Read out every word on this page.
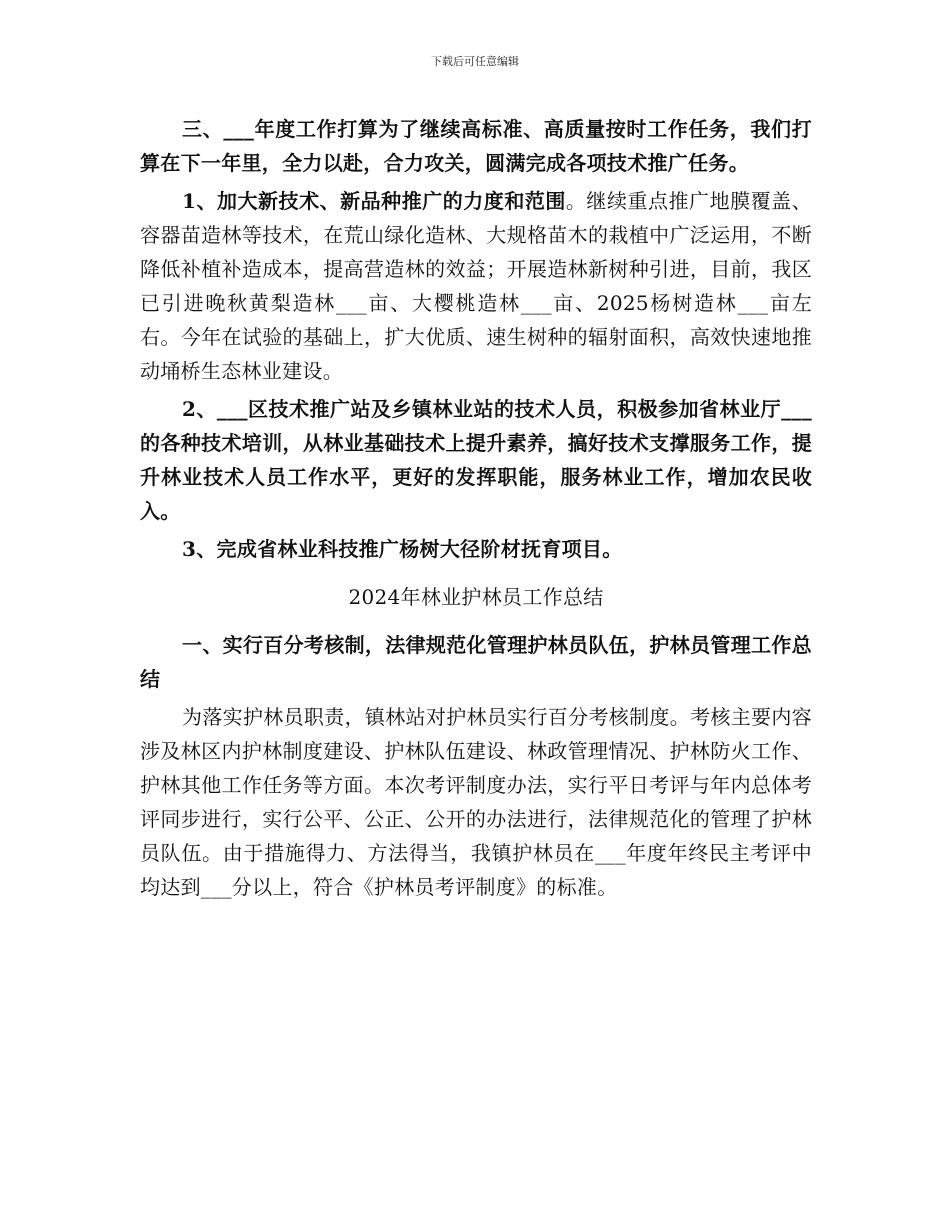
下载后可任意编辑

三、___年度工作打算为了继续高标准、高质量按时工作任务，我们打算在下一年里，全力以赴，合力攻关，圆满完成各项技术推广任务。

1、加大新技术、新品种推广的力度和范围。继续重点推广地膜覆盖、容器苗造林等技术，在荒山绿化造林、大规格苗木的栽植中广泛运用，不断降低补植补造成本，提高营造林的效益；开展造林新树种引进，目前，我区已引进晚秋黄梨造林___亩、大樱桃造林___亩、2025杨树造林___亩左右。今年在试验的基础上，扩大优质、速生树种的辐射面积，高效快速地推动埇桥生态林业建设。

2、___区技术推广站及乡镇林业站的技术人员，积极参加省林业厅___的各种技术培训，从林业基础技术上提升素养，搞好技术支撑服务工作，提升林业技术人员工作水平，更好的发挥职能，服务林业工作，增加农民收入。

3、完成省林业科技推广杨树大径阶材抚育项目。

2024年林业护林员工作总结

一、实行百分考核制，法律规范化管理护林员队伍，护林员管理工作总结

为落实护林员职责，镇林站对护林员实行百分考核制度。考核主要内容涉及林区内护林制度建设、护林队伍建设、林政管理情况、护林防火工作、护林其他工作任务等方面。本次考评制度办法，实行平日考评与年内总体考评同步进行，实行公平、公正、公开的办法进行，法律规范化的管理了护林员队伍。由于措施得力、方法得当，我镇护林员在___年度年终民主考评中均达到___分以上，符合《护林员考评制度》的标准。
